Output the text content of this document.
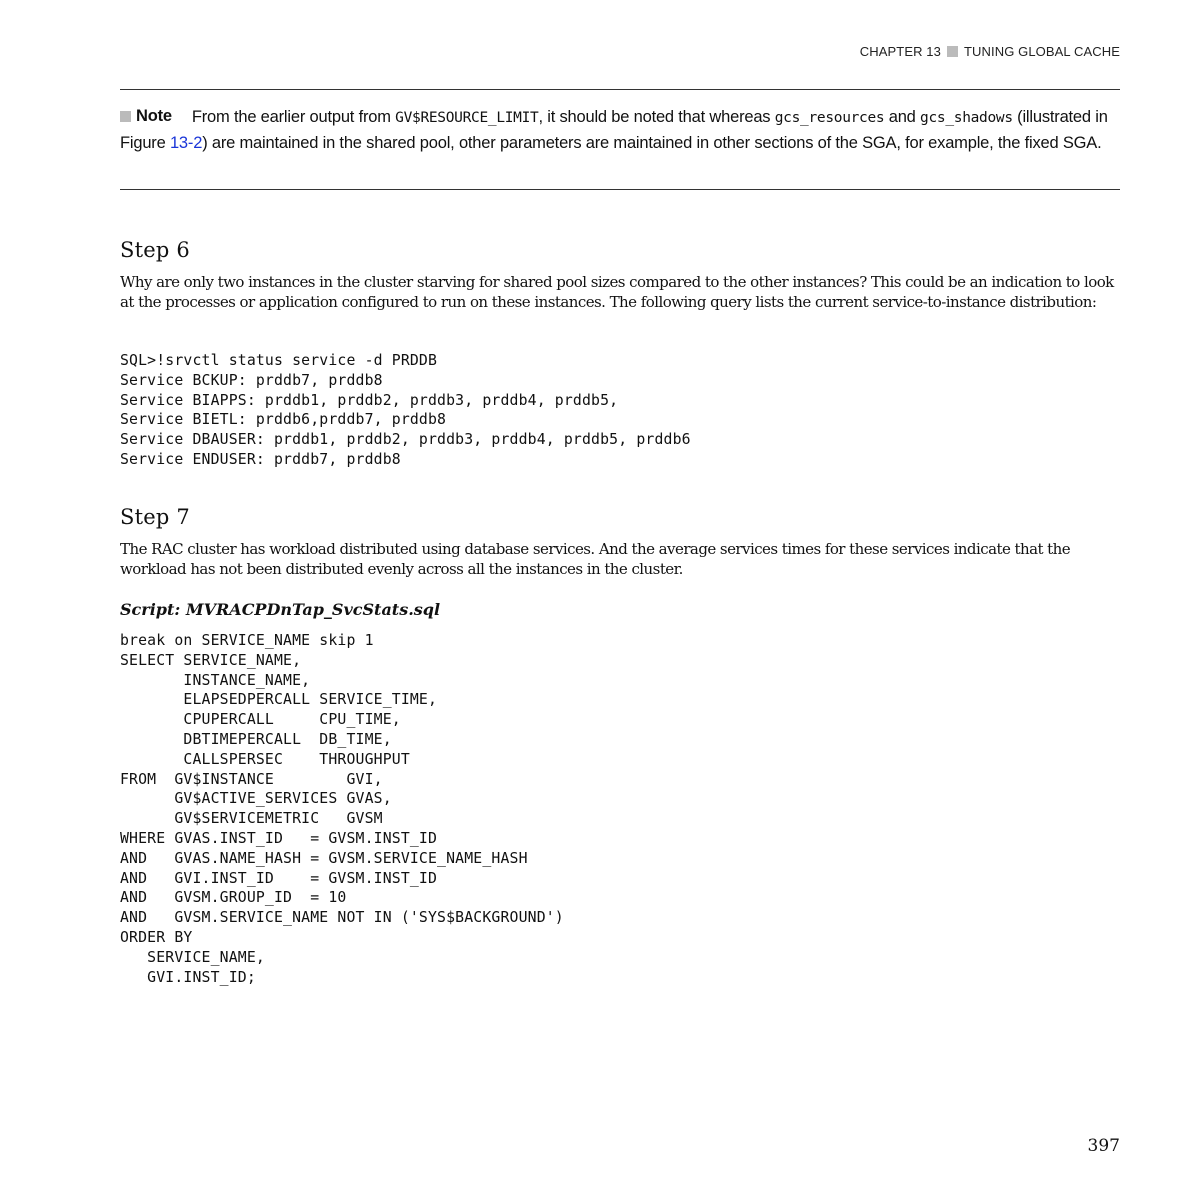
CHAPTER 13 TUNING GLOBAL CACHE
Note From the earlier output from GV$RESOURCE_LIMIT, it should be noted that whereas gcs_resources and gcs_shadows (illustrated in Figure 13-2) are maintained in the shared pool, other parameters are maintained in other sections of the SGA, for example, the fixed SGA.
Step 6
Why are only two instances in the cluster starving for shared pool sizes compared to the other instances? This could be an indication to look at the processes or application configured to run on these instances. The following query lists the current service-to-instance distribution:
SQL>!srvctl status service -d PRDDB
Service BCKUP: prddb7, prddb8
Service BIAPPS: prddb1, prddb2, prddb3, prddb4, prddb5,
Service BIETL: prddb6,prddb7, prddb8
Service DBAUSER: prddb1, prddb2, prddb3, prddb4, prddb5, prddb6
Service ENDUSER: prddb7, prddb8
Step 7
The RAC cluster has workload distributed using database services. And the average services times for these services indicate that the workload has not been distributed evenly across all the instances in the cluster.
Script: MVRACPDnTap_SvcStats.sql
break on SERVICE_NAME skip 1
SELECT SERVICE_NAME,
INSTANCE_NAME,
ELAPSEDPERCALL SERVICE_TIME,
CPUPERCALL     CPU_TIME,
DBTIMEPERCALL  DB_TIME,
CALLSPERSEC    THROUGHPUT
FROM  GV$INSTANCE        GVI,
GV$ACTIVE_SERVICES GVAS,
GV$SERVICEMETRIC   GVSM
WHERE GVAS.INST_ID   = GVSM.INST_ID
AND   GVAS.NAME_HASH = GVSM.SERVICE_NAME_HASH
AND   GVI.INST_ID    = GVSM.INST_ID
AND   GVSM.GROUP_ID  = 10
AND   GVSM.SERVICE_NAME NOT IN ('SYS$BACKGROUND')
ORDER BY
SERVICE_NAME,
GVI.INST_ID;
397
